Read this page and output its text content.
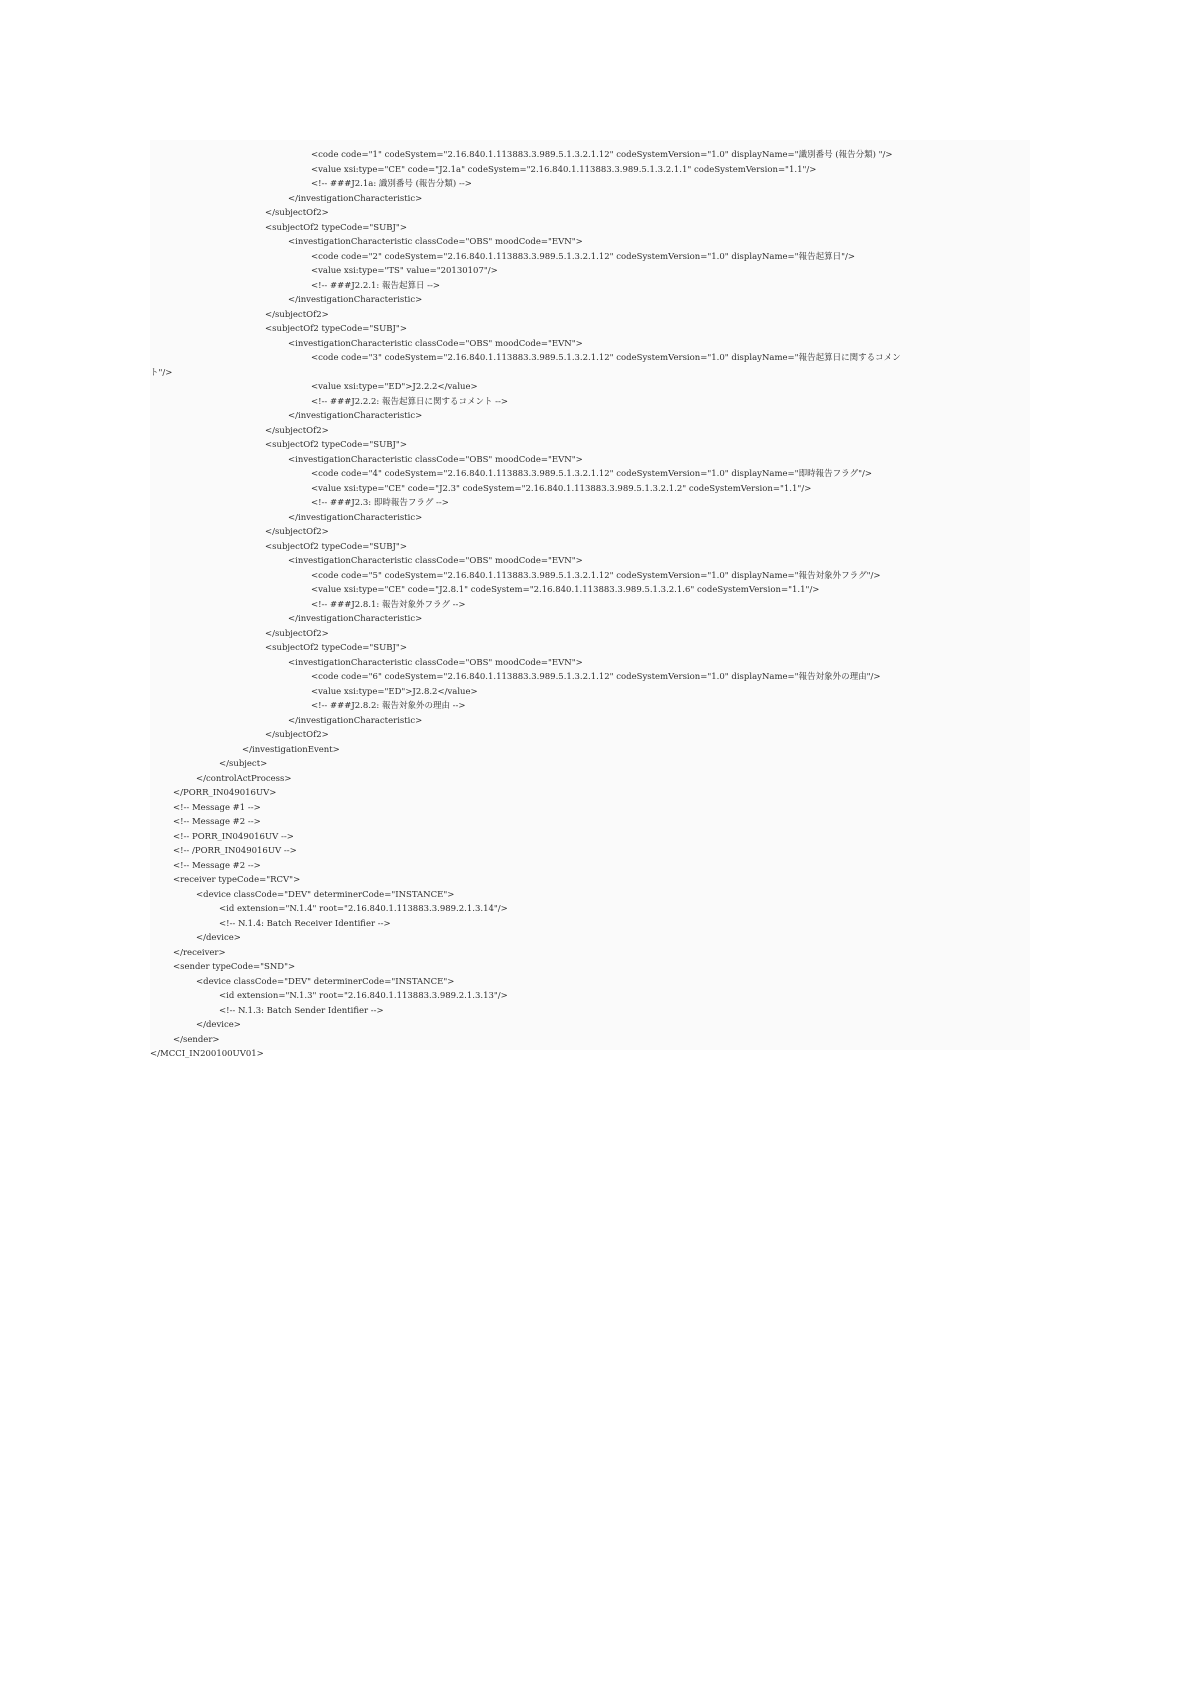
<code code="1" codeSystem="2.16.840.1.113883.3.989.5.1.3.2.1.12" codeSystemVersion="1.0" displayName="識別番号 (報告分類) "/>
<value xsi:type="CE" code="J2.1a" codeSystem="2.16.840.1.113883.3.989.5.1.3.2.1.1" codeSystemVersion="1.1"/>
<!-- ###J2.1a: 識別番号 (報告分類) -->
</investigationCharacteristic>
</subjectOf2>
<subjectOf2 typeCode="SUBJ">
<investigationCharacteristic classCode="OBS" moodCode="EVN">
<code code="2" codeSystem="2.16.840.1.113883.3.989.5.1.3.2.1.12" codeSystemVersion="1.0" displayName="報告起算日"/>
<value xsi:type="TS" value="20130107"/>
<!-- ###J2.2.1: 報告起算日 -->
</investigationCharacteristic>
</subjectOf2>
<subjectOf2 typeCode="SUBJ">
<investigationCharacteristic classCode="OBS" moodCode="EVN">
<code code="3" codeSystem="2.16.840.1.113883.3.989.5.1.3.2.1.12" codeSystemVersion="1.0" displayName="報告起算日に関するコメン
ト"/>
<value xsi:type="ED">J2.2.2</value>
<!-- ###J2.2.2: 報告起算日に関するコメント -->
</investigationCharacteristic>
</subjectOf2>
<subjectOf2 typeCode="SUBJ">
<investigationCharacteristic classCode="OBS" moodCode="EVN">
<code code="4" codeSystem="2.16.840.1.113883.3.989.5.1.3.2.1.12" codeSystemVersion="1.0" displayName="即時報告フラグ"/>
<value xsi:type="CE" code="J2.3" codeSystem="2.16.840.1.113883.3.989.5.1.3.2.1.2" codeSystemVersion="1.1"/>
<!-- ###J2.3: 即時報告フラグ -->
</investigationCharacteristic>
</subjectOf2>
<subjectOf2 typeCode="SUBJ">
<investigationCharacteristic classCode="OBS" moodCode="EVN">
<code code="5" codeSystem="2.16.840.1.113883.3.989.5.1.3.2.1.12" codeSystemVersion="1.0" displayName="報告対象外フラグ"/>
<value xsi:type="CE" code="J2.8.1" codeSystem="2.16.840.1.113883.3.989.5.1.3.2.1.6" codeSystemVersion="1.1"/>
<!-- ###J2.8.1: 報告対象外フラグ -->
</investigationCharacteristic>
</subjectOf2>
<subjectOf2 typeCode="SUBJ">
<investigationCharacteristic classCode="OBS" moodCode="EVN">
<code code="6" codeSystem="2.16.840.1.113883.3.989.5.1.3.2.1.12" codeSystemVersion="1.0" displayName="報告対象外の理由"/>
<value xsi:type="ED">J2.8.2</value>
<!-- ###J2.8.2: 報告対象外の理由 -->
</investigationCharacteristic>
</subjectOf2>
</investigationEvent>
</subject>
</controlActProcess>
</PORR_IN049016UV>
<!-- Message #1 -->
<!-- Message #2 -->
<!-- PORR_IN049016UV -->
<!-- /PORR_IN049016UV -->
<!-- Message #2 -->
<receiver typeCode="RCV">
<device classCode="DEV" determinerCode="INSTANCE">
<id extension="N.1.4" root="2.16.840.1.113883.3.989.2.1.3.14"/>
<!-- N.1.4: Batch Receiver Identifier -->
</device>
</receiver>
<sender typeCode="SND">
<device classCode="DEV" determinerCode="INSTANCE">
<id extension="N.1.3" root="2.16.840.1.113883.3.989.2.1.3.13"/>
<!-- N.1.3: Batch Sender Identifier -->
</device>
</sender>
</MCCI_IN200100UV01>
